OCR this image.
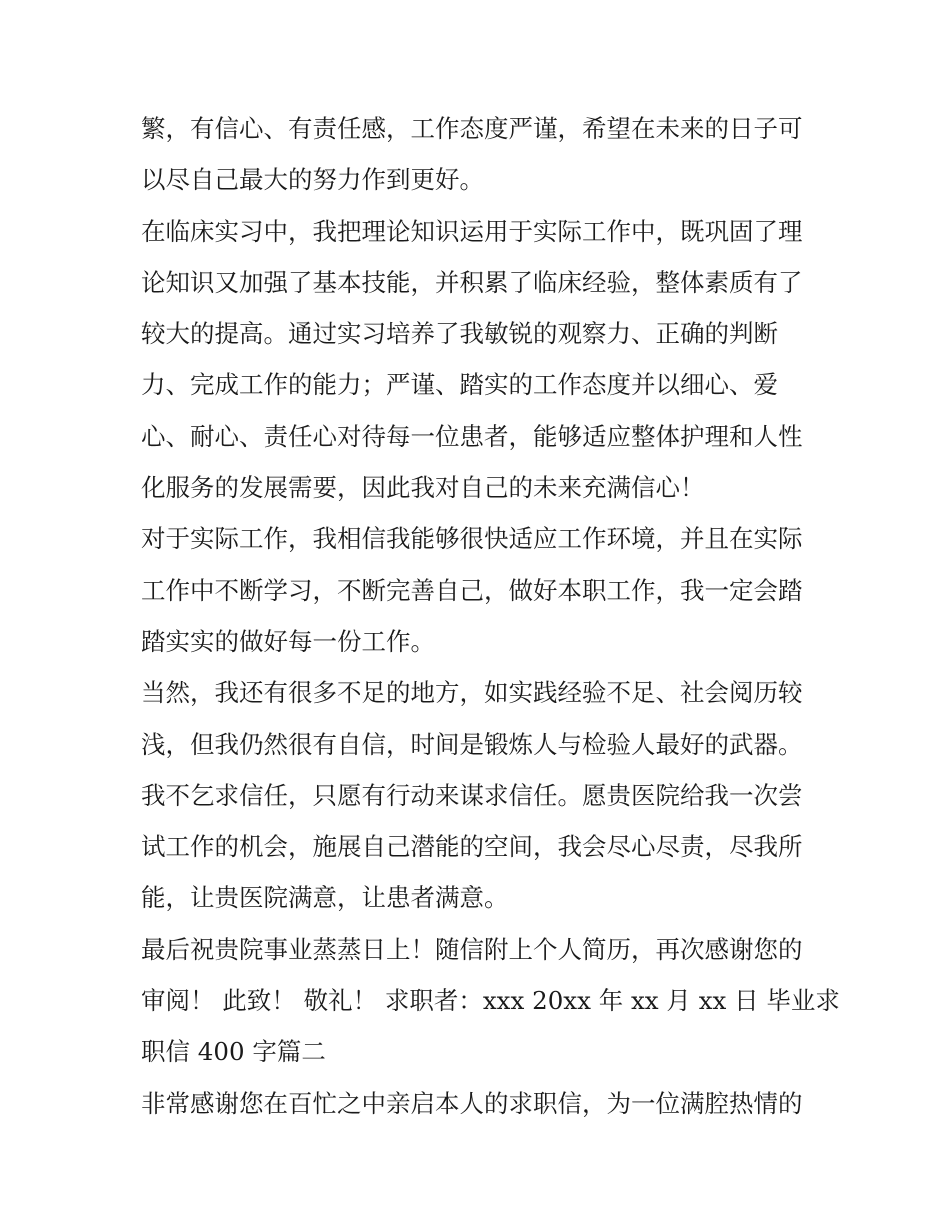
繁，有信心、有责任感，工作态度严谨，希望在未来的日子可
以尽自己最大的努力作到更好。

在临床实习中，我把理论知识运用于实际工作中，既巩固了理
论知识又加强了基本技能，并积累了临床经验，整体素质有了
较大的提高。通过实习培养了我敏锐的观察力、正确的判断
力、完成工作的能力；严谨、踏实的工作态度并以细心、爱
心、耐心、责任心对待每一位患者，能够适应整体护理和人性
化服务的发展需要，因此我对自己的未来充满信心！

对于实际工作，我相信我能够很快适应工作环境，并且在实际
工作中不断学习，不断完善自己，做好本职工作，我一定会踏
踏实实的做好每一份工作。

当然，我还有很多不足的地方，如实践经验不足、社会阅历较
浅，但我仍然很有自信，时间是锻炼人与检验人最好的武器。
我不乞求信任，只愿有行动来谋求信任。愿贵医院给我一次尝
试工作的机会，施展自己潜能的空间，我会尽心尽责，尽我所
能，让贵医院满意，让患者满意。

最后祝贵院事业蒸蒸日上！随信附上个人简历，再次感谢您的
审阅！ 此致！ 敬礼！ 求职者：xxx 20xx 年 xx 月 xx 日 毕业求
职信 400 字篇二

非常感谢您在百忙之中亲启本人的求职信，为一位满腔热情的
